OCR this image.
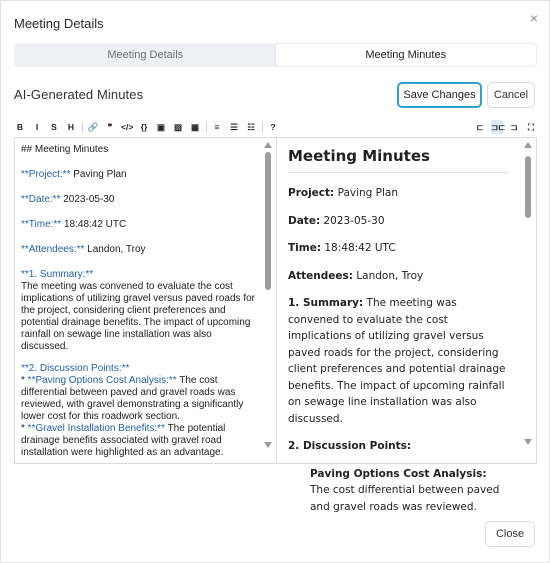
Meeting Details	×
Meeting Details	Meeting Minutes
AI-Generated Minutes	Save Changes	Cancel
B	I	S	H	🔗	❞	</> {}	▣ ▨ ▦	≡	☰ ☷	?	⊏ ⊐⊏ ⊐	⛶

## Meeting Minutes

**Project:** Paving Plan

**Date:** 2023-05-30

**Time:** 18:48:42 UTC

**Attendees:** Landon, Troy

**1. Summary:**
The meeting was convened to evaluate the cost implications of utilizing gravel versus paved roads for the project, considering client preferences and potential drainage benefits. The impact of upcoming rainfall on sewage line installation was also discussed.
**2. Discussion Points:**
* **Paving Options Cost Analysis:** The cost differential between paved and gravel roads was reviewed, with gravel demonstrating a significantly lower cost for this roadwork section.
* **Gravel Installation Benefits:** The potential drainage benefits associated with gravel road installation were highlighted as an advantage.
Meeting Minutes

Project: Paving Plan

Date: 2023-05-30

Time: 18:48:42 UTC

Attendees: Landon, Troy

1. Summary: The meeting was convened to evaluate the cost implications of utilizing gravel versus paved roads for the project, considering client preferences and potential drainage benefits. The impact of upcoming rainfall on sewage line installation was also discussed.

2. Discussion Points:

Paving Options Cost Analysis: The cost differential between paved and gravel roads was reviewed.

Close
